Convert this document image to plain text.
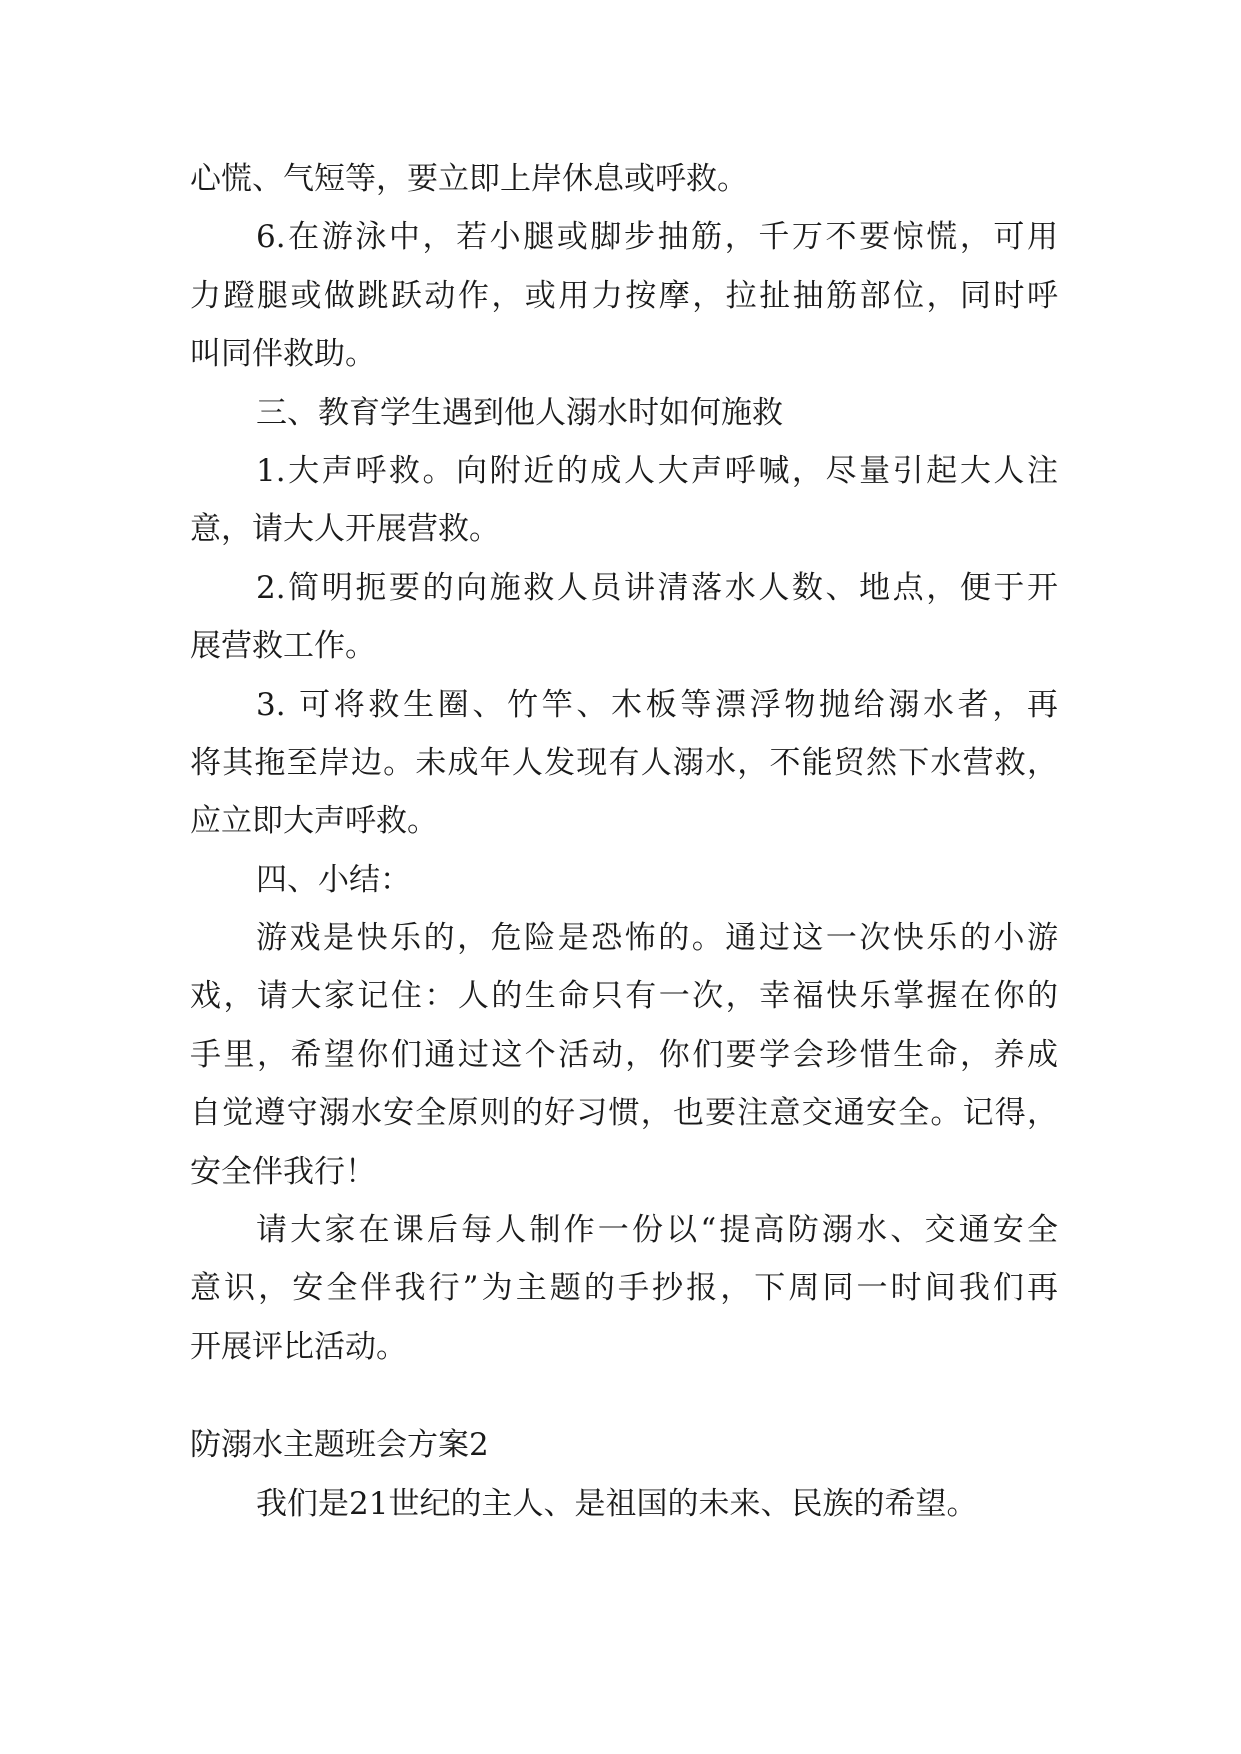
心慌、气短等，要立即上岸休息或呼救。
6.在游泳中，若小腿或脚步抽筋，千万不要惊慌，可用
力蹬腿或做跳跃动作，或用力按摩，拉扯抽筋部位，同时呼
叫同伴救助。
三、教育学生遇到他人溺水时如何施救
1.大声呼救。向附近的成人大声呼喊，尽量引起大人注
意，请大人开展营救。
2.简明扼要的向施救人员讲清落水人数、地点，便于开
展营救工作。
3. 可将救生圈、竹竿、木板等漂浮物抛给溺水者，再
将其拖至岸边。未成年人发现有人溺水，不能贸然下水营救，
应立即大声呼救。
四、小结：
游戏是快乐的，危险是恐怖的。通过这一次快乐的小游
戏，请大家记住：人的生命只有一次，幸福快乐掌握在你的
手里，希望你们通过这个活动，你们要学会珍惜生命，养成
自觉遵守溺水安全原则的好习惯，也要注意交通安全。记得，
安全伴我行！
请大家在课后每人制作一份以“提高防溺水、交通安全
意识，安全伴我行”为主题的手抄报，下周同一时间我们再
开展评比活动。
防溺水主题班会方案2
我们是21世纪的主人、是祖国的未来、民族的希望。
